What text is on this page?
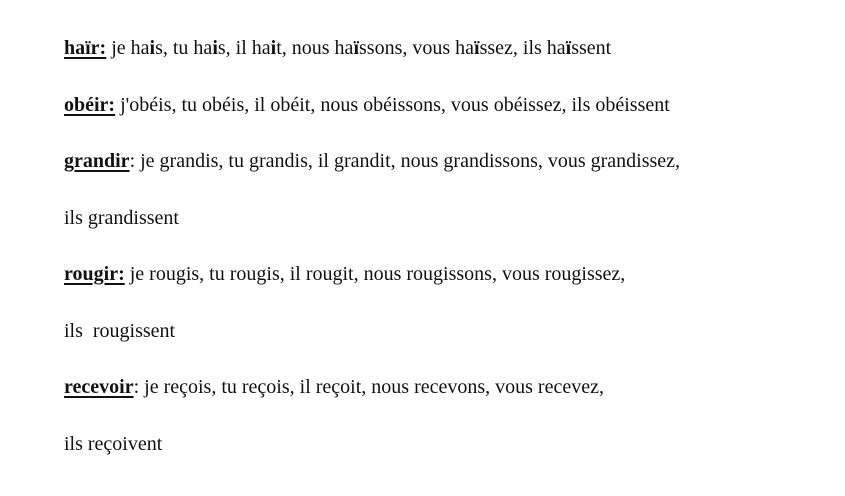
haïr: je hais, tu hais, il hait, nous haïssons, vous haïssez, ils haïssent
obéir: j'obéis, tu obéis, il obéit, nous obéissons, vous obéissez, ils obéissent
grandir: je grandis, tu grandis, il grandit, nous grandissons, vous grandissez,
ils grandissent
rougir: je rougis, tu rougis, il rougit, nous rougissons, vous rougissez,
ils  rougissent
recevoir: je reçois, tu reçois, il reçoit, nous recevons, vous recevez,
ils reçoivent
